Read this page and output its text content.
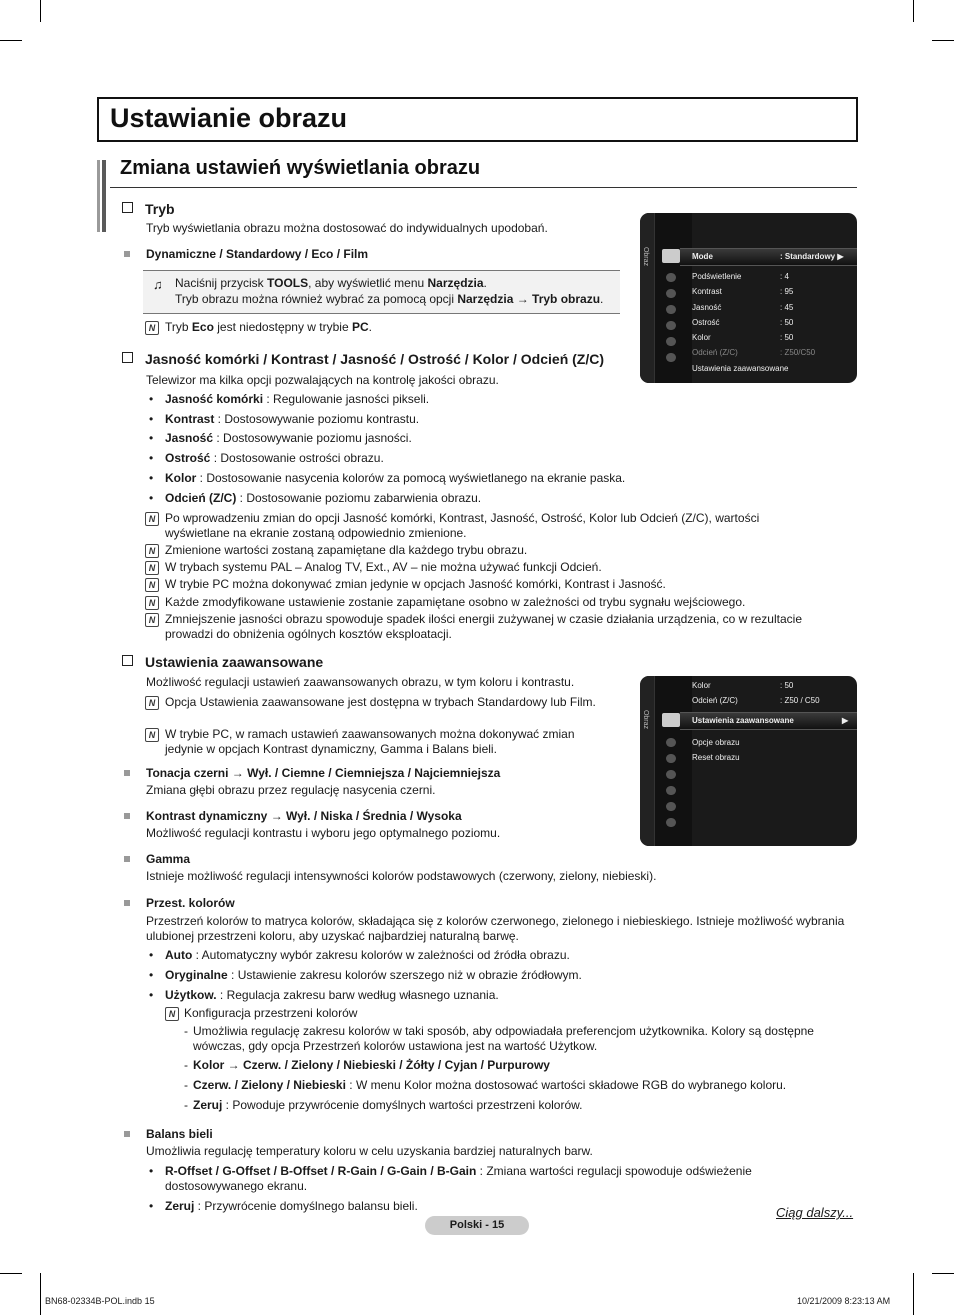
Ustawianie obrazu
Zmiana ustawień wyświetlania obrazu
Tryb
Tryb wyświetlania obrazu można dostosować do indywidualnych upodobań.
Dynamiczne / Standardowy / Eco / Film
♫ Naciśnij przycisk TOOLS, aby wyświetlić menu Narzędzia.
Tryb obrazu można również wybrać za pomocą opcji Narzędzia → Tryb obrazu.
N Tryb Eco jest niedostępny w trybie PC.
Obraz	Mode	: Standardowy ▶
Podświetlenie	: 4
Kontrast	: 95
Jasność	: 45
Ostrość	: 50
Kolor	: 50
Odcień (Z/C)	: Z50/C50
Ustawienia zaawansowane
Jasność komórki / Kontrast / Jasność / Ostrość / Kolor / Odcień (Z/C)
Telewizor ma kilka opcji pozwalających na kontrolę jakości obrazu.
• Jasność komórki : Regulowanie jasności pikseli.
• Kontrast : Dostosowywanie poziomu kontrastu.
• Jasność : Dostosowywanie poziomu jasności.
• Ostrość : Dostosowanie ostrości obrazu.
• Kolor : Dostosowanie nasycenia kolorów za pomocą wyświetlanego na ekranie paska.
• Odcień (Z/C) : Dostosowanie poziomu zabarwienia obrazu.
N Po wprowadzeniu zmian do opcji Jasność komórki, Kontrast, Jasność, Ostrość, Kolor lub Odcień (Z/C), wartości wyświetlane na ekranie zostaną odpowiednio zmienione.
N Zmienione wartości zostaną zapamiętane dla każdego trybu obrazu.
N W trybach systemu PAL – Analog TV, Ext., AV – nie można używać funkcji Odcień.
N W trybie PC można dokonywać zmian jedynie w opcjach Jasność komórki, Kontrast i Jasność.
N Każde zmodyfikowane ustawienie zostanie zapamiętane osobno w zależności od trybu sygnału wejściowego.
N Zmniejszenie jasności obrazu spowoduje spadek ilości energii zużywanej w czasie działania urządzenia, co w rezultacie prowadzi do obniżenia ogólnych kosztów eksploatacji.
Ustawienia zaawansowane
Możliwość regulacji ustawień zaawansowanych obrazu, w tym koloru i kontrastu.
N Opcja Ustawienia zaawansowane jest dostępna w trybach Standardowy lub Film.
N W trybie PC, w ramach ustawień zaawansowanych można dokonywać zmian jedynie w opcjach Kontrast dynamiczny, Gamma i Balans bieli.
Tonacja czerni → Wył. / Ciemne / Ciemniejsza / Najciemniejsza
Zmiana głębi obrazu przez regulację nasycenia czerni.
Kontrast dynamiczny → Wył. / Niska / Średnia / Wysoka
Możliwość regulacji kontrastu i wyboru jego optymalnego poziomu.
Gamma
Istnieje możliwość regulacji intensywności kolorów podstawowych (czerwony, zielony, niebieski).
Przest. kolorów
Przestrzeń kolorów to matryca kolorów, składająca się z kolorów czerwonego, zielonego i niebieskiego. Istnieje możliwość wybrania
ulubionej przestrzeni koloru, aby uzyskać najbardziej naturalną barwę.
• Auto : Automatyczny wybór zakresu kolorów w zależności od źródła obrazu.
• Oryginalne : Ustawienie zakresu kolorów szerszego niż w obrazie źródłowym.
• Użytkow. : Regulacja zakresu barw według własnego uznania.
N Konfiguracja przestrzeni kolorów
- Umożliwia regulację zakresu kolorów w taki sposób, aby odpowiadała preferencjom użytkownika. Kolory są dostępne
wówczas, gdy opcja Przestrzeń kolorów ustawiona jest na wartość Użytkow.
- Kolor → Czerw. / Zielony / Niebieski / Żółty / Cyjan / Purpurowy
- Czerw. / Zielony / Niebieski : W menu Kolor można dostosować wartości składowe RGB do wybranego koloru.
- Zeruj : Powoduje przywrócenie domyślnych wartości przestrzeni kolorów.
Balans bieli
Umożliwia regulację temperatury koloru w celu uzyskania bardziej naturalnych barw.
• R-Offset / G-Offset / B-Offset / R-Gain / G-Gain / B-Gain : Zmiana wartości regulacji spowoduje odświeżenie
dostosowywanego ekranu.
• Zeruj : Przywrócenie domyślnego balansu bieli.
Obraz
Kolor	: 50
Odcień (Z/C)	: Z50 / C50
Ustawienia zaawansowane	▶
Opcje obrazu
Reset obrazu
Ciąg dalszy...
Polski - 15
BN68-02334B-POL.indb 15	10/21/2009 8:23:13 AM
